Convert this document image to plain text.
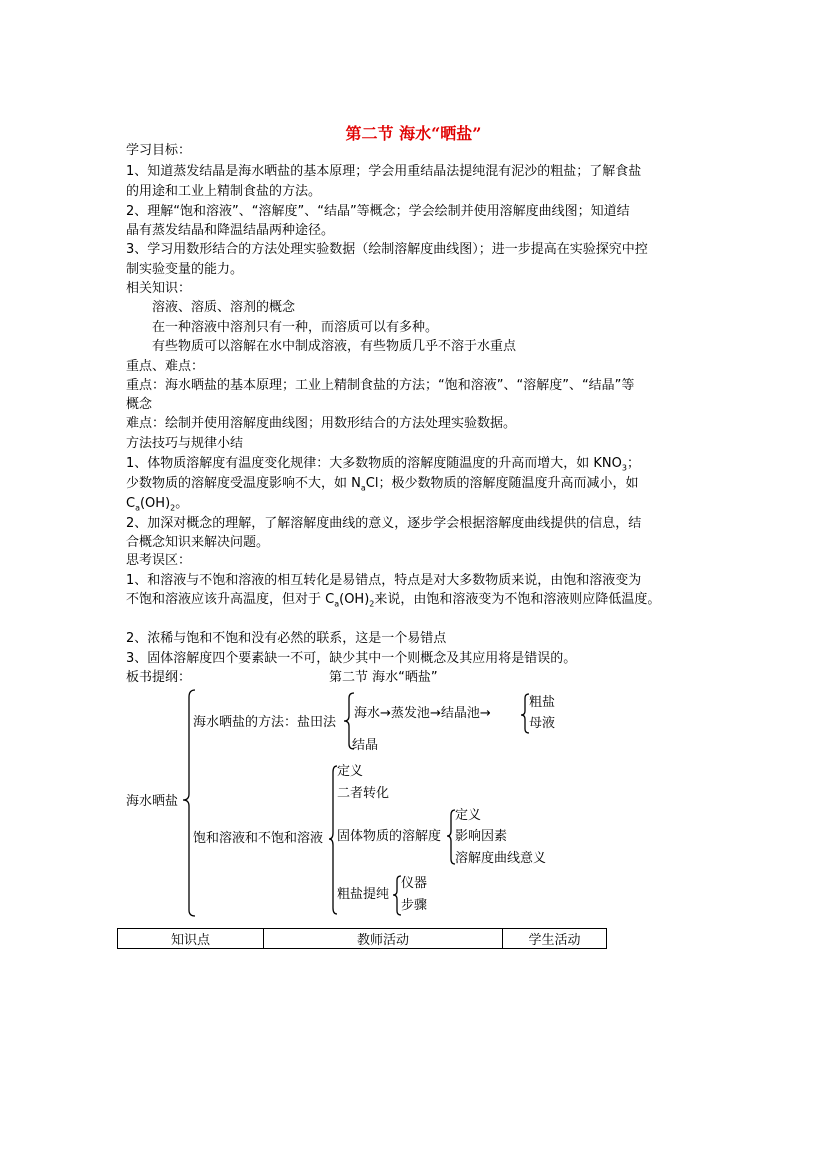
第二节 海水“晒盐”
学习目标：
1、知道蒸发结晶是海水晒盐的基本原理；学会用重结晶法提纯混有泥沙的粗盐；了解食盐
的用途和工业上精制食盐的方法。
2、理解“饱和溶液”、“溶解度”、“结晶”等概念；学会绘制并使用溶解度曲线图；知道结
晶有蒸发结晶和降温结晶两种途径。
3、学习用数形结合的方法处理实验数据（绘制溶解度曲线图）；进一步提高在实验探究中控
制实验变量的能力。
相关知识：
溶液、溶质、溶剂的概念
在一种溶液中溶剂只有一种，而溶质可以有多种。
有些物质可以溶解在水中制成溶液，有些物质几乎不溶于水重点
重点、难点：
重点：海水晒盐的基本原理；工业上精制食盐的方法；“饱和溶液”、“溶解度”、“结晶”等
概念
难点：绘制并使用溶解度曲线图；用数形结合的方法处理实验数据。
方法技巧与规律小结
1、体物质溶解度有温度变化规律：大多数物质的溶解度随温度的升高而增大，如 $KNO_3$；
少数物质的溶解度受温度影响不大，如 $N_aCl$；极少数物质的溶解度随温度升高而减小，如
$C_a(OH)_2$。
2、加深对概念的理解，了解溶解度曲线的意义，逐步学会根据溶解度曲线提供的信息，结
合概念知识来解决问题。
思考误区：
1、和溶液与不饱和溶液的相互转化是易错点，特点是对大多数物质来说，由饱和溶液变为
不饱和溶液应该升高温度，但对于 $C_a(OH)_2$来说，由饱和溶液变为不饱和溶液则应降低温度。
2、浓稀与饱和不饱和没有必然的联系，这是一个易错点
3、固体溶解度四个要素缺一不可，缺少其中一个则概念及其应用将是错误的。
板书提纲：	第二节 海水“晒盐”
海水晒盐
海水晒盐的方法：盐田法
海水→蒸发池→结晶池→
粗盐
母液
结晶
饱和溶液和不饱和溶液
定义
二者转化
固体物质的溶解度
粗盐提纯
定义
影响因素
溶解度曲线意义
仪器
步骤
知识点	教师活动	学生活动
